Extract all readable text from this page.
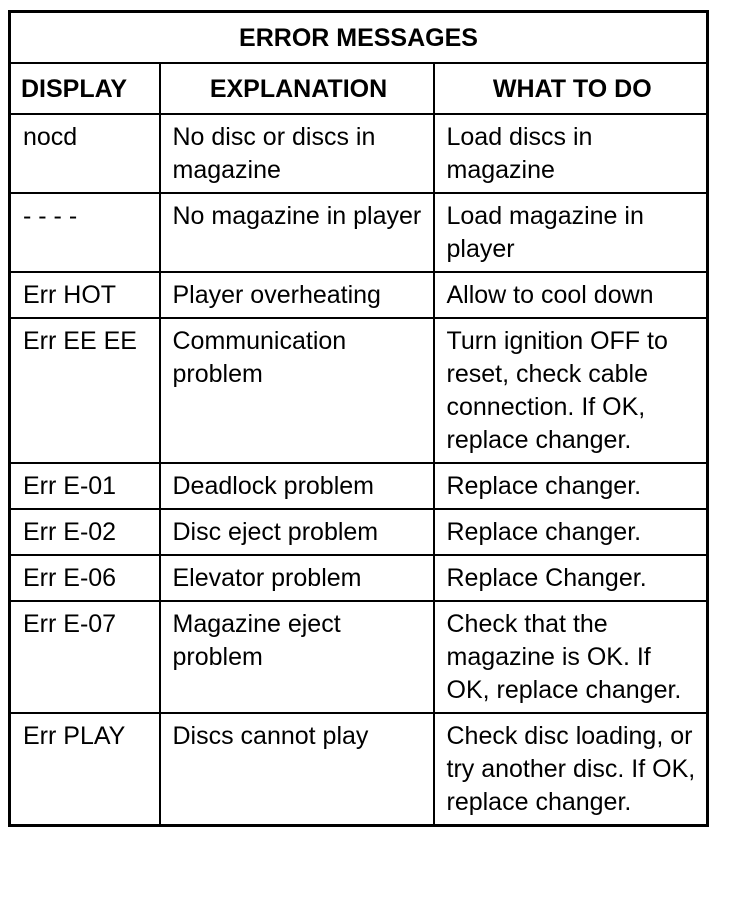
ERROR MESSAGES		
DISPLAY	EXPLANATION	WHAT TO DO
nocd	No disc or discs in magazine	Load discs in magazine
- - - -	No magazine in player	Load magazine in player
Err HOT	Player overheating	Allow to cool down
Err EE EE	Communication problem	Turn ignition OFF to reset, check cable connection. If OK, replace changer.
Err E-01	Deadlock problem	Replace changer.
Err E-02	Disc eject problem	Replace changer.
Err E-06	Elevator problem	Replace Changer.
Err E-07	Magazine eject problem	Check that the magazine is OK. If OK, replace changer.
Err PLAY	Discs cannot play	Check disc loading, or try another disc. If OK, replace changer.
